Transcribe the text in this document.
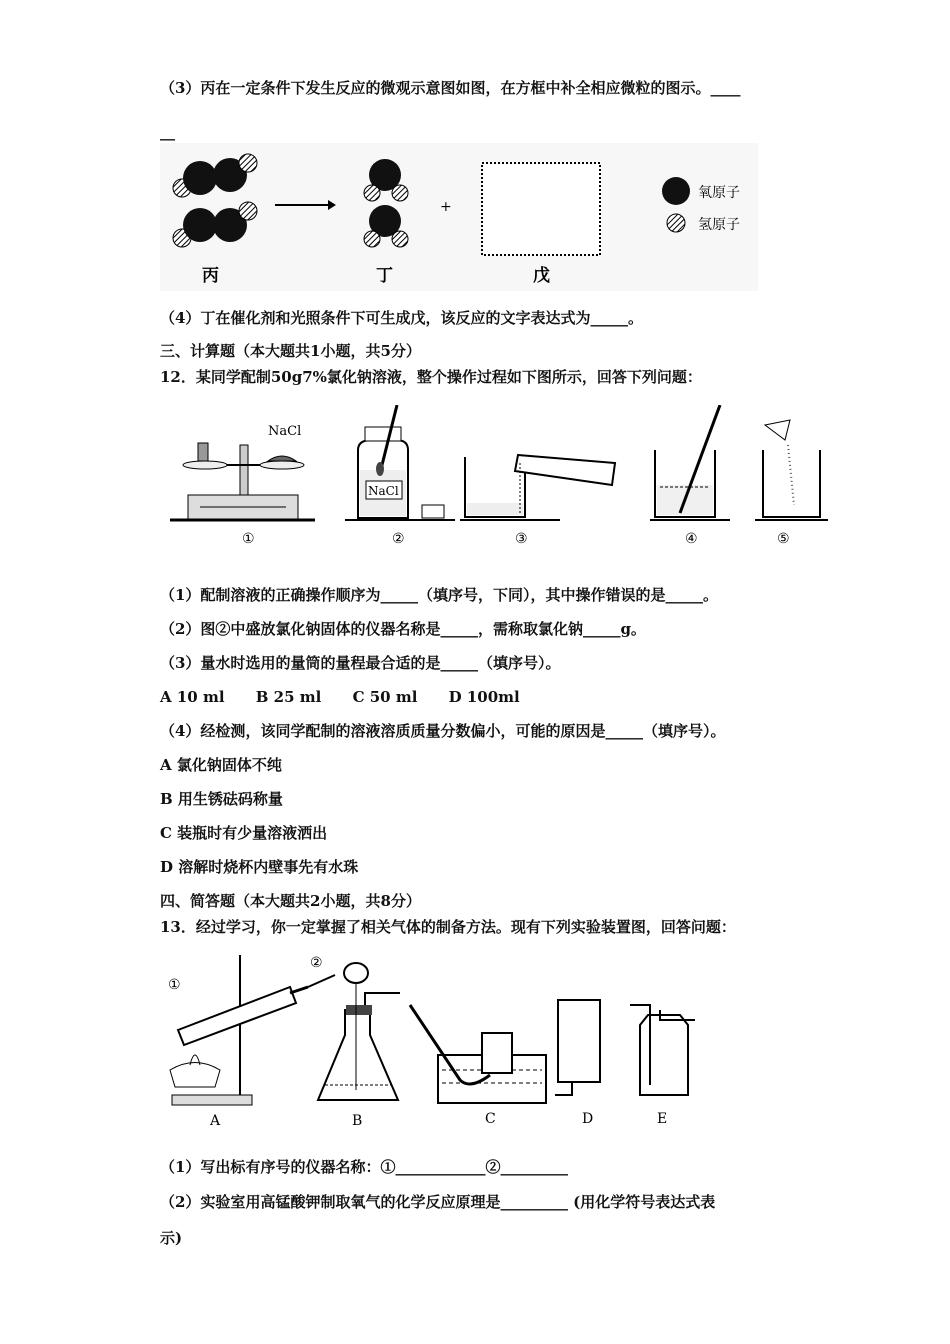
（3）丙在一定条件下发生反应的微观示意图如图，在方框中补全相应微粒的图示。____
__
+
氧原子
氢原子
丙	丁	戊
（4）丁在催化剂和光照条件下可生成戊，该反应的文字表达式为_____。
三、计算题（本大题共1小题，共5分）
12．某同学配制50g7%氯化钠溶液，整个操作过程如下图所示，回答下列问题：
NaCl
NaCl
①	②	③	④	⑤
（1）配制溶液的正确操作顺序为_____（填序号，下同），其中操作错误的是_____。
（2）图②中盛放氯化钠固体的仪器名称是_____，需称取氯化钠_____g。
（3）量水时选用的量筒的量程最合适的是_____（填序号）。
A 10 ml B 25 ml C 50 ml D 100ml
（4）经检测，该同学配制的溶液溶质质量分数偏小，可能的原因是_____（填序号）。
A 氯化钠固体不纯
B 用生锈砝码称量
C 装瓶时有少量溶液洒出
D 溶解时烧杯内壁事先有水珠
四、简答题（本大题共2小题，共8分）
13．经过学习，你一定掌握了相关气体的制备方法。现有下列实验装置图，回答问题：
①
②
A	B	C	D	E
（1）写出标有序号的仪器名称：①____________②_________
（2）实验室用高锰酸钾制取氧气的化学反应原理是_________ (用化学符号表达式表
示)
